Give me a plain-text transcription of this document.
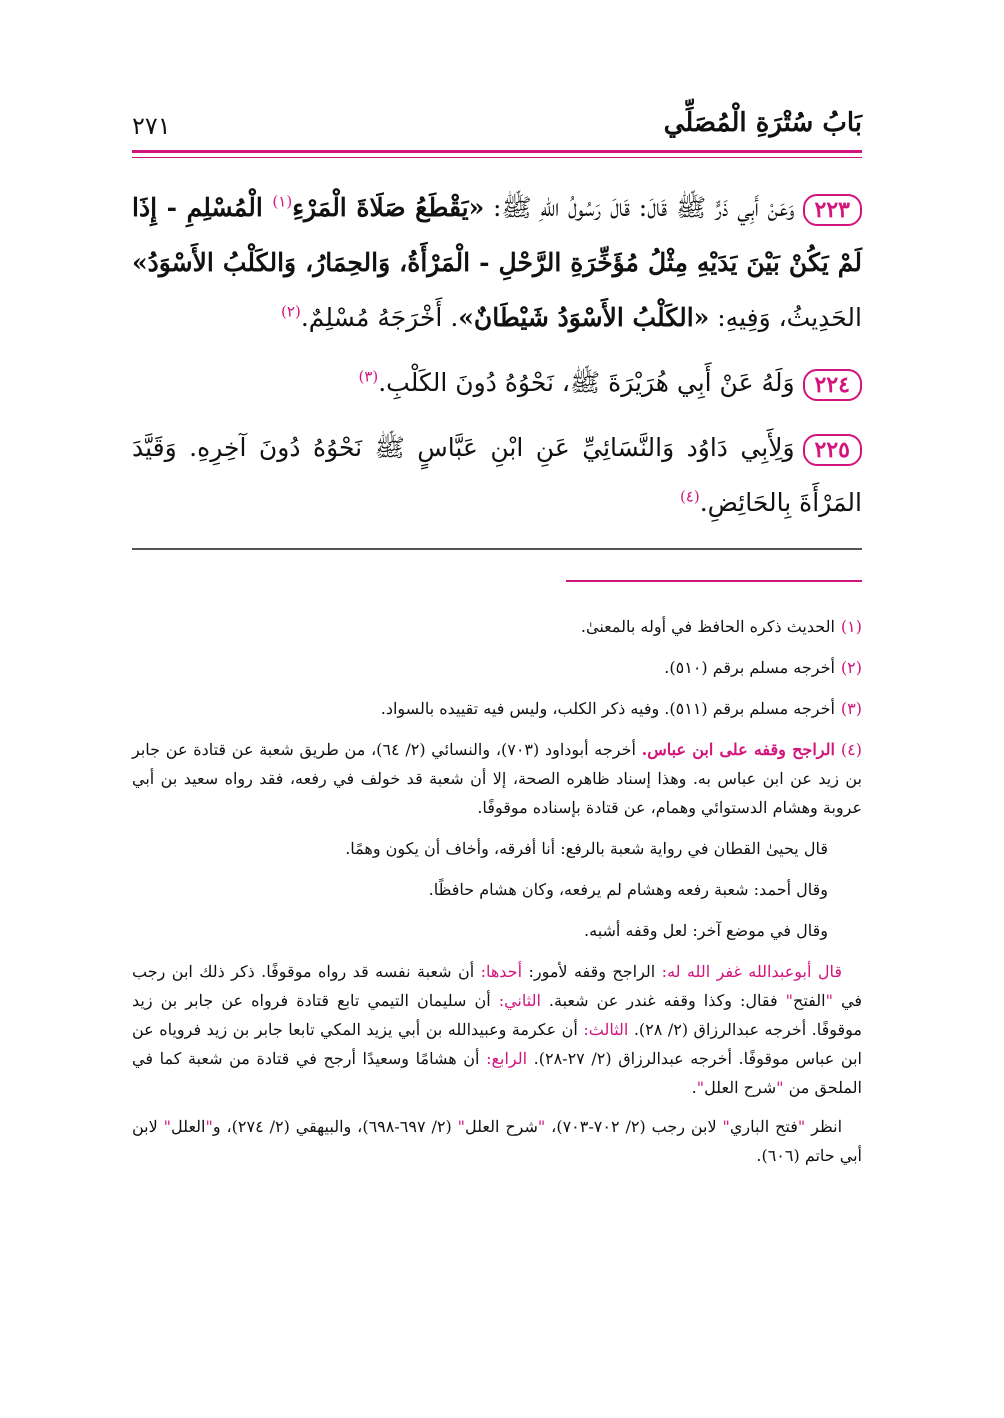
بَابُ سُتْرَةِ الْمُصَلِّي
٢٧١

٢٢٣وَعَنْ أَبِي ذَرٍّ ﷺ قَالَ: قَالَ رَسُولُ اللهِ ﷺ: «يَقْطَعُ صَلَاةَ الْمَرْءِ$^{(١)}$ الْمُسْلِمِ - إِذَا لَمْ يَكُنْ بَيْنَ يَدَيْهِ مِثْلُ مُؤَخِّرَةِ الرَّحْلِ - الْمَرْأَةُ، وَالحِمَارُ، وَالكَلْبُ الأَسْوَدُ» الحَدِيثُ، وَفِيهِ: «الكَلْبُ الأَسْوَدُ شَيْطَانٌ». أَخْرَجَهُ مُسْلِمٌ.$^{(٢)}$

٢٢٤وَلَهُ عَنْ أَبِي هُرَيْرَةَ ﷺ، نَحْوُهُ دُونَ الكَلْبِ.$^{(٣)}$

٢٢٥وَلِأَبِي دَاوُد وَالنَّسَائِيِّ عَنِ ابْنِ عَبَّاسٍ ﷺ نَحْوُهُ دُونَ آخِرِهِ. وَقَيَّدَ المَرْأَةَ بِالحَائِضِ.$^{(٤)}$

(١)الحديث ذكره الحافظ في أوله بالمعنىٰ.

(٢)أخرجه مسلم برقم (٥١٠).

(٣)أخرجه مسلم برقم (٥١١). وفيه ذكر الكلب، وليس فيه تقييده بالسواد.

(٤)الراجح وقفه على ابن عباس. أخرجه أبوداود (٧٠٣)، والنسائي (٢/ ٦٤)، من طريق شعبة عن قتادة عن جابر بن زيد عن ابن عباس به. وهذا إسناد ظاهره الصحة، إلا أن شعبة قد خولف في رفعه، فقد رواه سعيد بن أبي عروبة وهشام الدستوائي وهمام، عن قتادة بإسناده موقوفًا.

قال يحيىٰ القطان في رواية شعبة بالرفع: أنا أفرقه، وأخاف أن يكون وهمًا.

وقال أحمد: شعبة رفعه وهشام لم يرفعه، وكان هشام حافظًا.

وقال في موضع آخر: لعل وقفه أشبه.

قال أبوعبدالله غفر الله له: الراجح وقفه لأمور: أحدها: أن شعبة نفسه قد رواه موقوفًا. ذكر ذلك ابن رجب في "الفتح" فقال: وكذا وقفه غندر عن شعبة. الثاني: أن سليمان التيمي تابع قتادة فرواه عن جابر بن زيد موقوفًا. أخرجه عبدالرزاق (٢/ ٢٨). الثالث: أن عكرمة وعبيدالله بن أبي يزيد المكي تابعا جابر بن زيد فروياه عن ابن عباس موقوفًا. أخرجه عبدالرزاق (٢/ ٢٧-٢٨). الرابع: أن هشامًا وسعيدًا أرجح في قتادة من شعبة كما في الملحق من "شرح العلل".

انظر "فتح الباري" لابن رجب (٢/ ٧٠٢-٧٠٣)، "شرح العلل" (٢/ ٦٩٧-٦٩٨)، والبيهقي (٢/ ٢٧٤)، و"العلل" لابن أبي حاتم (٦٠٦).
